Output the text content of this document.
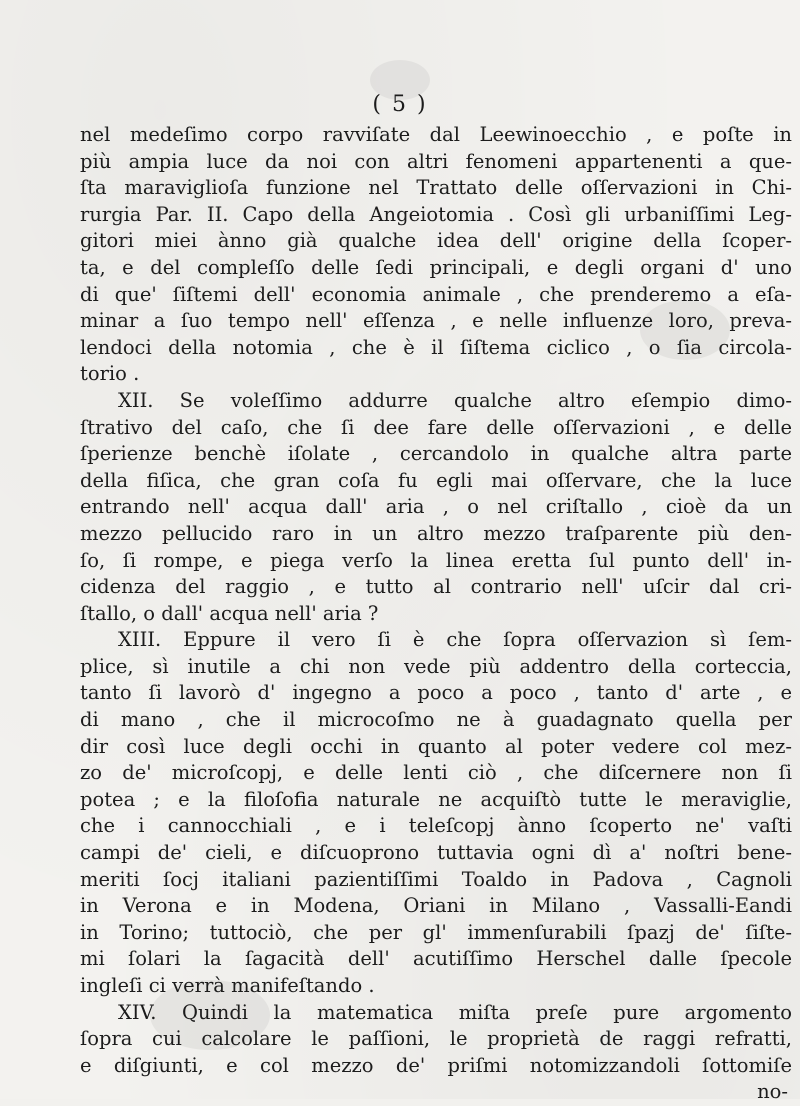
( 5 )
nel medeſimo corpo ravviſate dal Leewinoecchio , e poſte in
più ampia luce da noi con altri fenomeni appartenenti a que-
ſta maraviglioſa funzione nel Trattato delle oſſervazioni in Chi-
rurgia Par. II. Capo della Angeiotomia . Così gli urbaniſſimi Leg-
gitori miei ànno già qualche idea dell' origine della ſcoper-
ta, e del compleſſo delle ſedi principali, e degli organi d' uno
di que' ſiſtemi dell' economia animale , che prenderemo a eſa-
minar a ſuo tempo nell' eſſenza , e nelle influenze loro, preva-
lendoci della notomia , che è il ſiſtema ciclico , o ſia circola-
torio .
XII. Se voleſſimo addurre qualche altro eſempio dimo-
ſtrativo del caſo, che ſi dee fare delle oſſervazioni , e delle
ſperienze benchè iſolate , cercandolo in qualche altra parte
della fiſica, che gran coſa fu egli mai oſſervare, che la luce
entrando nell' acqua dall' aria , o nel criſtallo , cioè da un
mezzo pellucido raro in un altro mezzo traſparente più den-
ſo, ſi rompe, e piega verſo la linea eretta ſul punto dell' in-
cidenza del raggio , e tutto al contrario nell' uſcir dal cri-
ſtallo, o dall' acqua nell' aria ?
XIII. Eppure il vero ſi è che ſopra oſſervazion sì ſem-
plice, sì inutile a chi non vede più addentro della corteccia,
tanto ſi lavorò d' ingegno a poco a poco , tanto d' arte , e
di mano , che il microcoſmo ne à guadagnato quella per
dir così luce degli occhi in quanto al poter vedere col mez-
zo de' microſcopj, e delle lenti ciò , che diſcernere non ſi
potea ; e la filoſofia naturale ne acquiſtò tutte le meraviglie,
che i cannocchiali , e i teleſcopj ànno ſcoperto ne' vaſti
campi de' cieli, e diſcuoprono tuttavia ogni dì a' noſtri bene-
meriti ſocj italiani pazientiſſimi Toaldo in Padova , Cagnoli
in Verona e in Modena, Oriani in Milano , Vassalli-Eandi
in Torino; tuttociò, che per gl' immenſurabili ſpazj de' ſiſte-
mi ſolari la ſagacità dell' acutiſſimo Herschel dalle ſpecole
ingleſi ci verrà manifeſtando .
XIV. Quindi la matematica miſta preſe pure argomento
ſopra cui calcolare le paſſioni, le proprietà de raggi refratti,
e diſgiunti, e col mezzo de' priſmi notomizzandoli ſottomiſe
no-
